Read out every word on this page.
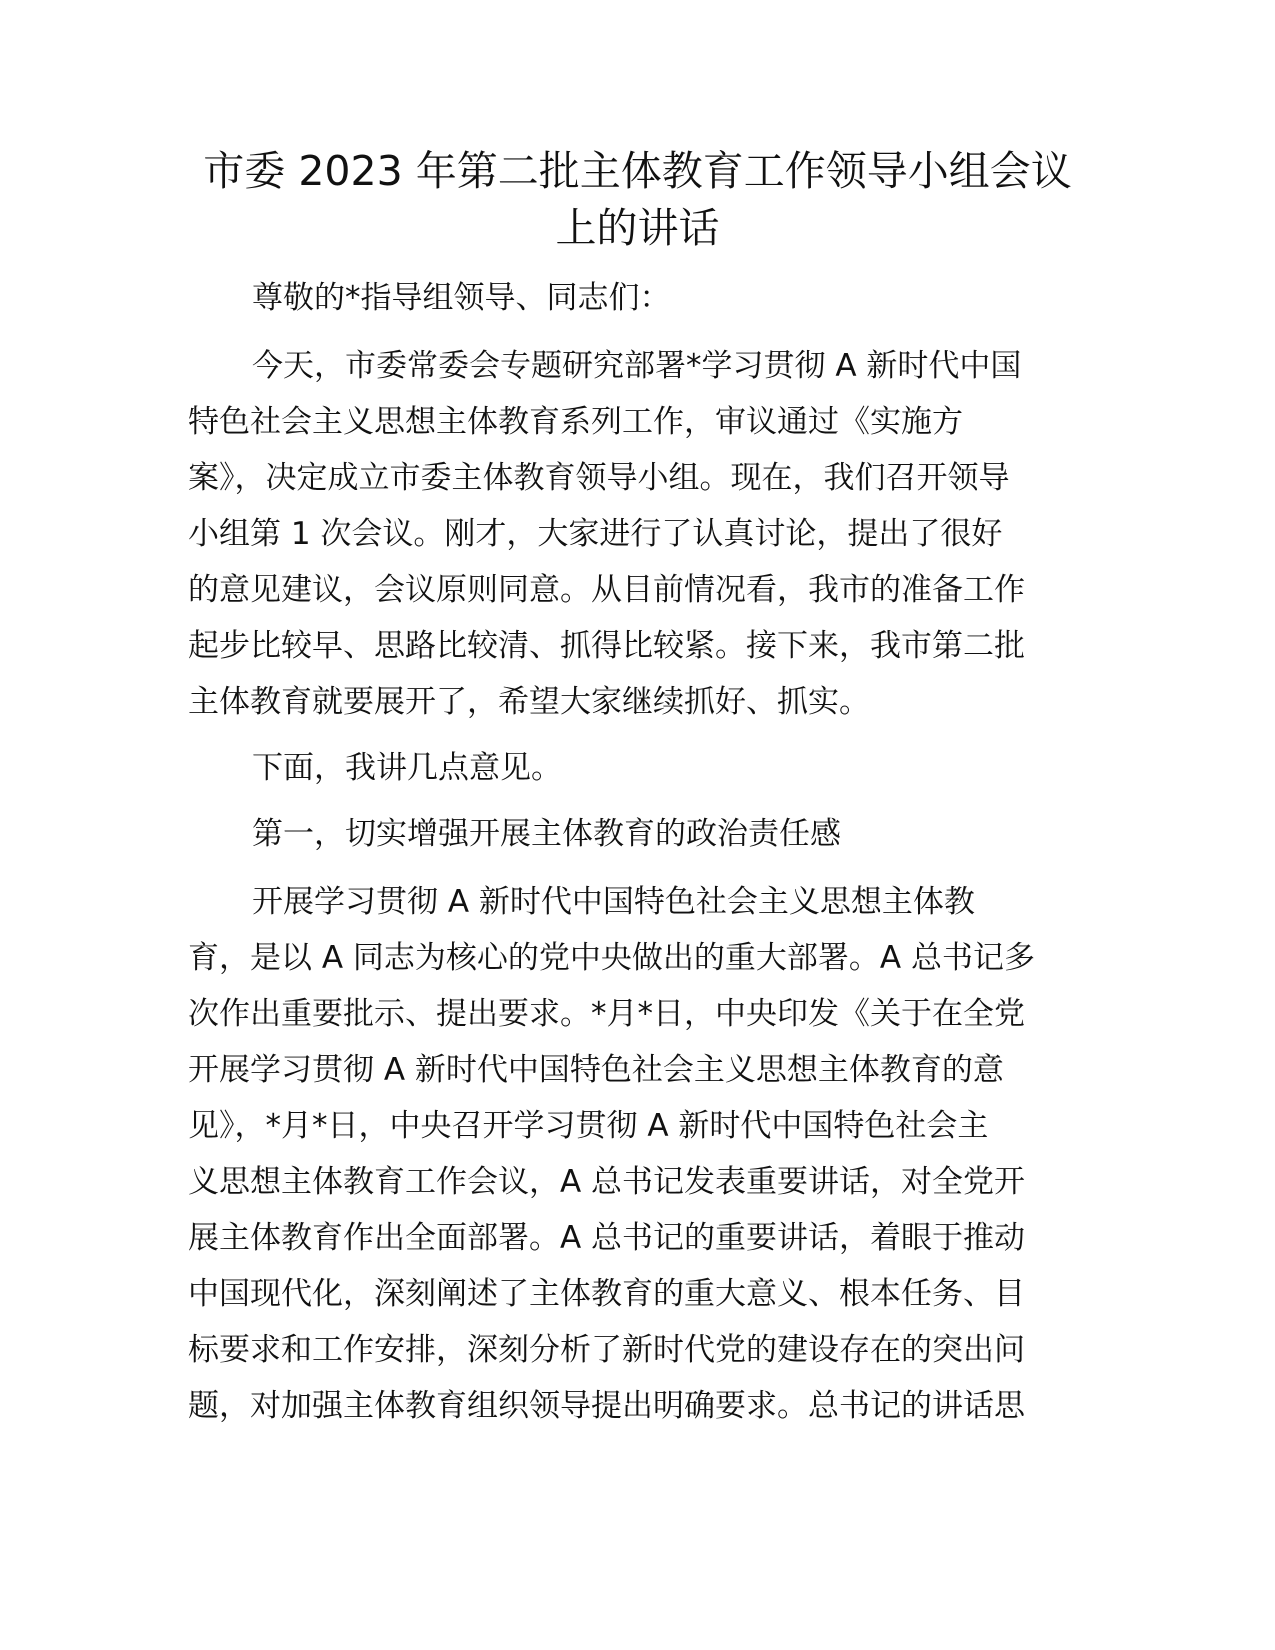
市委 2023 年第二批主体教育工作领导小组会议
上的讲话

尊敬的*指导组领导、同志们：

今天，市委常委会专题研究部署*学习贯彻 A 新时代中国

特色社会主义思想主体教育系列工作，审议通过《实施方

案》，决定成立市委主体教育领导小组。现在，我们召开领导

小组第 1 次会议。刚才，大家进行了认真讨论，提出了很好

的意见建议，会议原则同意。从目前情况看，我市的准备工作

起步比较早、思路比较清、抓得比较紧。接下来，我市第二批

主体教育就要展开了，希望大家继续抓好、抓实。

下面，我讲几点意见。

第一，切实增强开展主体教育的政治责任感

开展学习贯彻 A 新时代中国特色社会主义思想主体教

育，是以 A 同志为核心的党中央做出的重大部署。A 总书记多

次作出重要批示、提出要求。*月*日，中央印发《关于在全党

开展学习贯彻 A 新时代中国特色社会主义思想主体教育的意

见》，*月*日，中央召开学习贯彻 A 新时代中国特色社会主

义思想主体教育工作会议，A 总书记发表重要讲话，对全党开

展主体教育作出全面部署。A 总书记的重要讲话，着眼于推动

中国现代化，深刻阐述了主体教育的重大意义、根本任务、目

标要求和工作安排，深刻分析了新时代党的建设存在的突出问

题，对加强主体教育组织领导提出明确要求。总书记的讲话思
